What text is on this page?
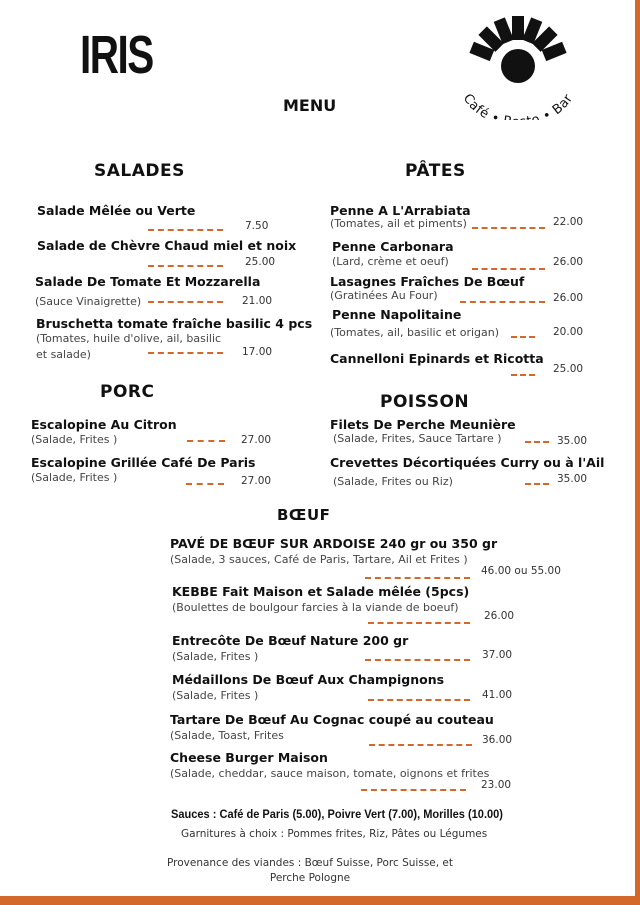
IRIS
Café • • Bar
MENU
SALADES
Salade Mêlée ou Verte
7.50
Salade de Chèvre Chaud miel et noix
25.00
Salade De Tomate Et Mozzarella
(Sauce Vinaigrette)	21.00
Bruschetta tomate fraîche basilic 4 pcs
(Tomates, huile d'olive, ail, basilic
et salade)	17.00
PORC
Escalopine Au Citron
(Salade, Frites )	27.00
Escalopine Grillée Café De Paris
(Salade, Frites )	27.00
PÂTES
Penne A L'Arrabiata
(Tomates, ail et piments)	22.00
Penne Carbonara
(Lard, crème et oeuf)	26.00
Lasagnes Fraîches De Bœuf
(Gratinées Au Four)	26.00
Penne Napolitaine
(Tomates, ail, basilic et origan)	20.00
Cannelloni Epinards et Ricotta
25.00
POISSON
Filets De Perche Meunière
(Salade, Frites, Sauce Tartare )	35.00
Crevettes Décortiquées Curry ou à l'Ail
(Salade, Frites ou Riz)	35.00
BŒUF
PAVÉ DE BŒUF SUR ARDOISE 240 gr ou 350 gr
(Salade, 3 sauces, Café de Paris, Tartare, Ail et Frites )
46.00 ou 55.00
KEBBE Fait Maison et Salade mêlée (5pcs)
(Boulettes de boulgour farcies à la viande de boeuf)
26.00
Entrecôte De Bœuf Nature 200 gr
(Salade, Frites )	37.00
Médaillons De Bœuf Aux Champignons
(Salade, Frites )	41.00
Tartare De Bœuf Au Cognac coupé au couteau
(Salade, Toast, Frites	36.00
Cheese Burger Maison
(Salade, cheddar, sauce maison, tomate, oignons et frites
23.00
Sauces : Café de Paris (5.00), Poivre Vert (7.00), Morilles (10.00)
Garnitures à choix : Pommes frites, Riz, Pâtes ou Légumes
Provenance des viandes : Bœuf Suisse, Porc Suisse, et
Perche Pologne
